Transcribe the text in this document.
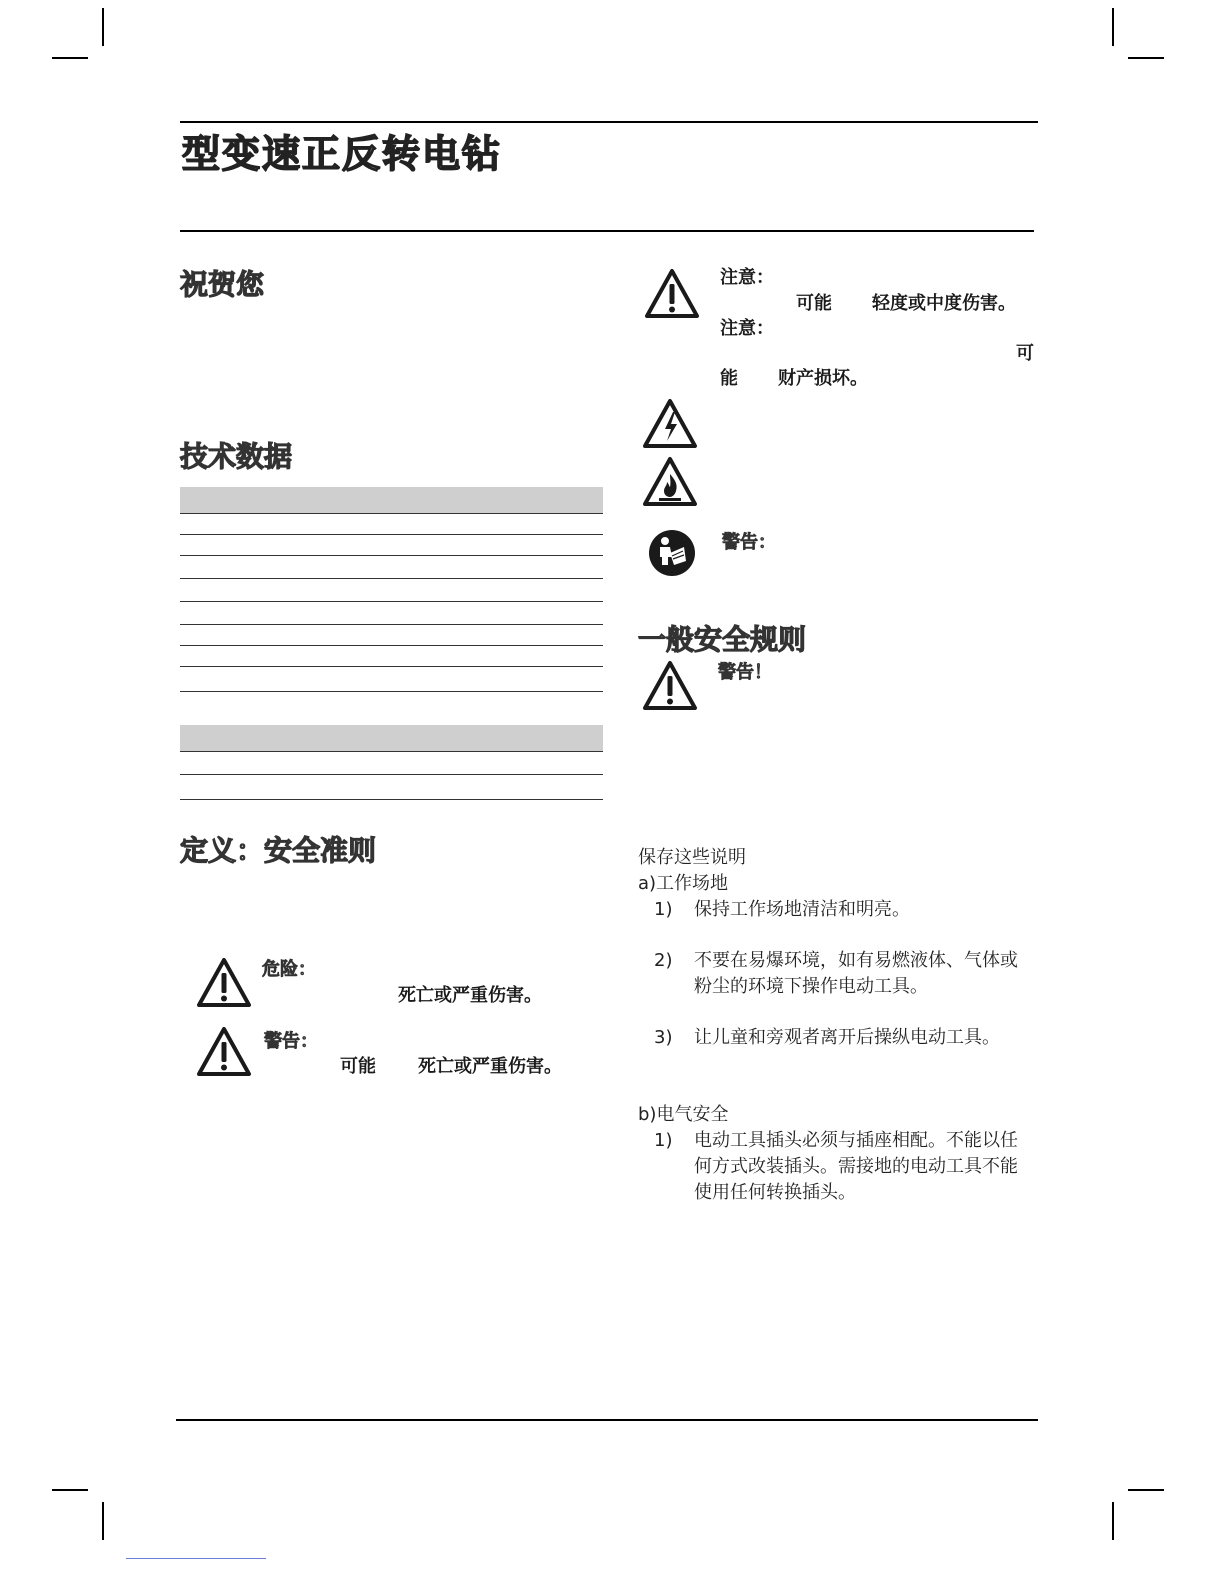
型变速正反转电钻
祝贺您
技术数据
定义：安全准则
危险：
死亡或严重伤害。
警告：
可能 死亡或严重伤害。
注意：
可能 轻度或中度伤害。
注意：
可
能 财产损坏。
警告：
一般安全规则
警告！
保存这些说明
a)工作场地
1) 保持工作场地清洁和明亮。
2) 不要在易爆环境，如有易燃液体、气体或粉尘的环境下操作电动工具。
3) 让儿童和旁观者离开后操纵电动工具。
b)电气安全
1) 电动工具插头必须与插座相配。不能以任何方式改装插头。需接地的电动工具不能使用任何转换插头。
